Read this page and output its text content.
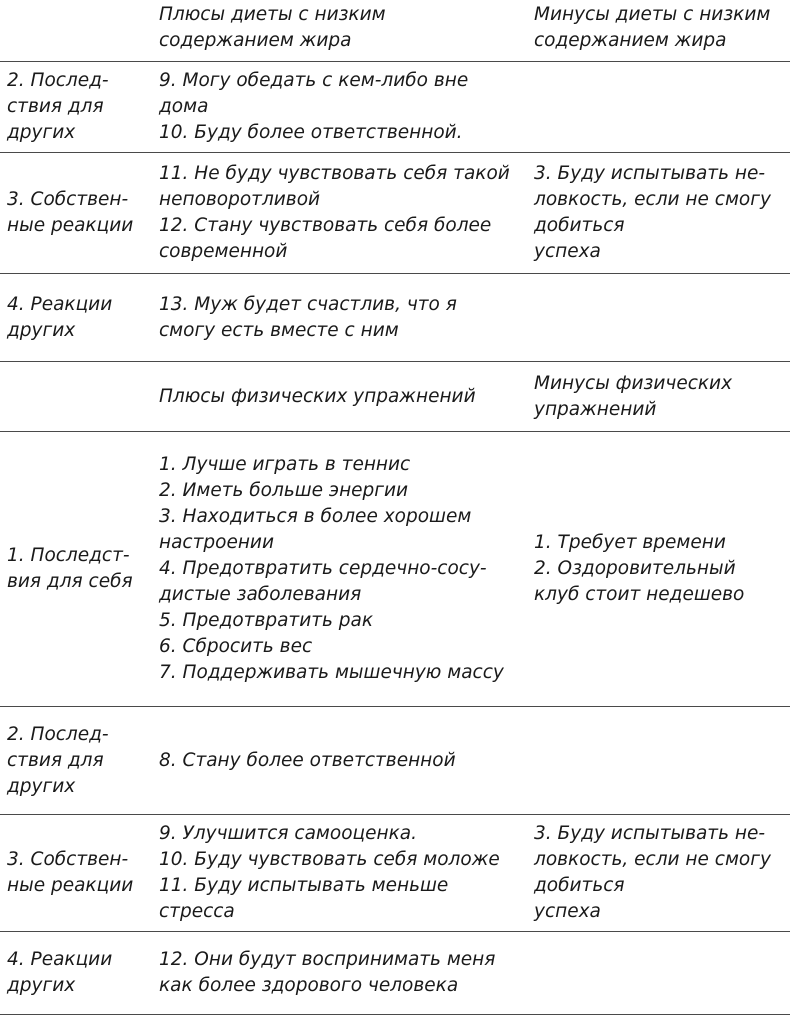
Плюсы диеты с низким
содержанием жира
Минусы диеты с низким
содержанием жира
2. Послед-
ствия для
других
9. Могу обедать с кем-либо вне
дома
10. Буду более ответственной.
3. Собствен-
ные реакции
11. Не буду чувствовать себя такой
неповоротливой
12. Стану чувствовать себя более
современной
3. Буду испытывать не-
ловкость, если не смогу
добиться
успеха
4. Реакции
других
13. Муж будет счастлив, что я
смогу есть вместе с ним
Плюсы физических упражнений
Минусы физических
упражнений
1. Последст-
вия для себя
1. Лучше играть в теннис
2. Иметь больше энергии
3. Находиться в более хорошем
настроении
4. Предотвратить сердечно-сосу-
дистые заболевания
5. Предотвратить рак
6. Сбросить вес
7. Поддерживать мышечную массу
1. Требует времени
2. Оздоровительный
клуб стоит недешево
2. Послед-
ствия для
других
8. Стану более ответственной
3. Собствен-
ные реакции
9. Улучшится самооценка.
10. Буду чувствовать себя моложе
11. Буду испытывать меньше
стресса
3. Буду испытывать не-
ловкость, если не смогу
добиться
успеха
4. Реакции
других
12. Они будут воспринимать меня
как более здорового человека
